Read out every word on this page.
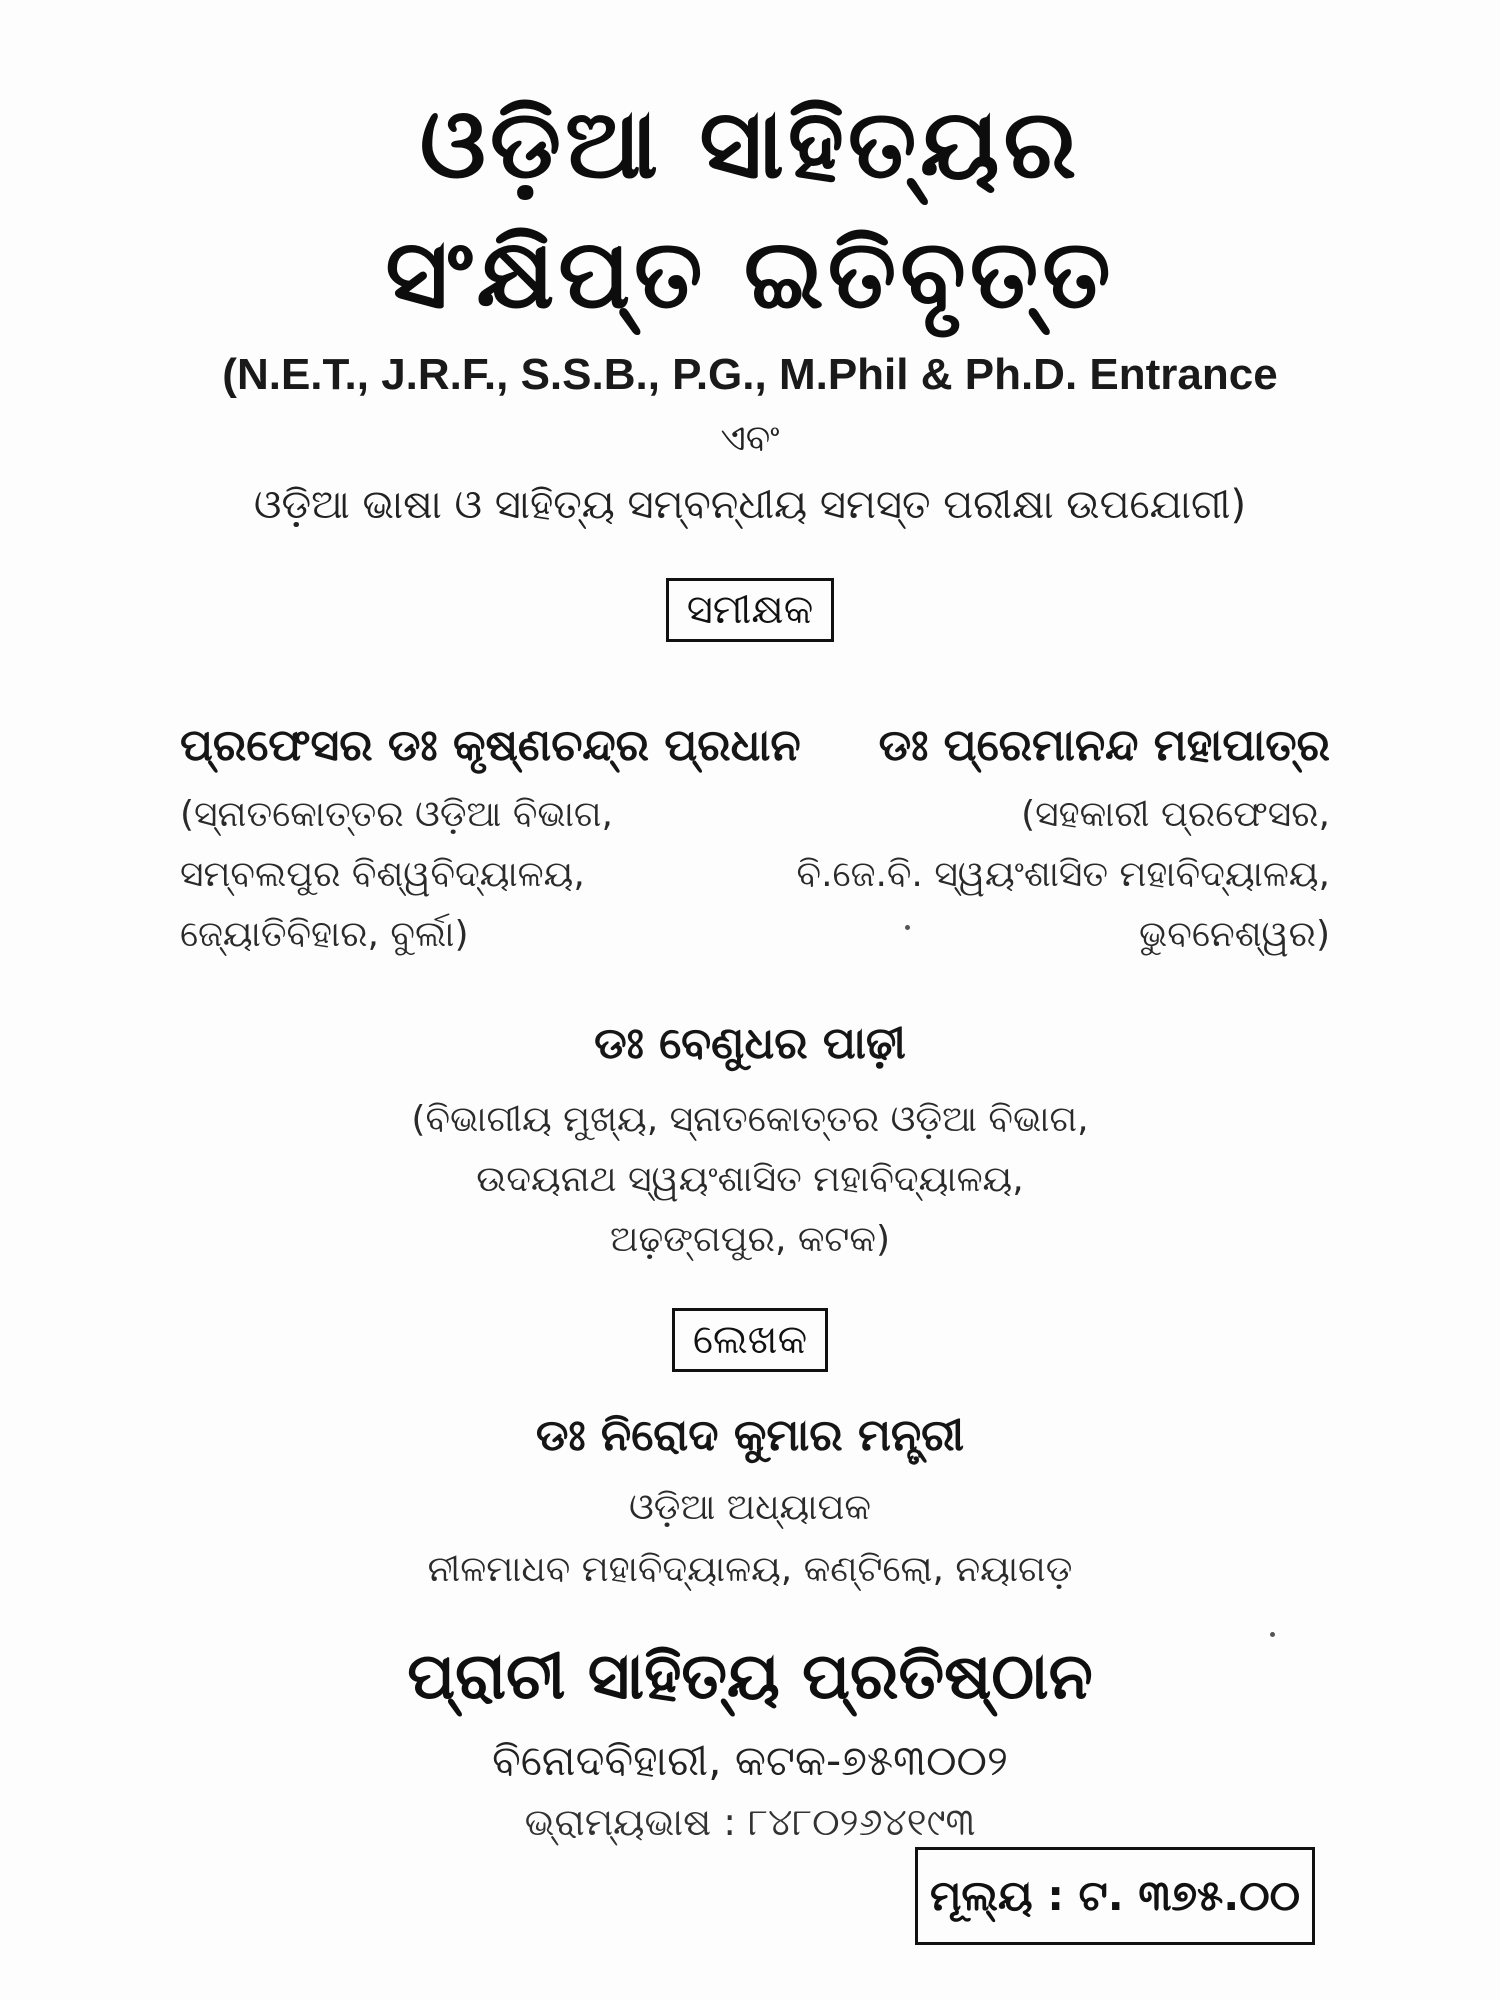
ଓଡ଼ିଆ ସାହିତ୍ୟର
ସଂକ୍ଷିପ୍ତ ଇତିବୃତ୍ତ
(N.E.T., J.R.F., S.S.B., P.G., M.Phil & Ph.D. Entrance
ଏବଂ
ଓଡ଼ିଆ ଭାଷା ଓ ସାହିତ୍ୟ ସମ୍ବନ୍ଧୀୟ ସମସ୍ତ ପରୀକ୍ଷା ଉପଯୋଗୀ)
ସମୀକ୍ଷକ
ପ୍ରଫେସର ଡଃ କୃଷ୍ଣଚନ୍ଦ୍ର ପ୍ରଧାନ
(ସ୍ନାତକୋତ୍ତର ଓଡ଼ିଆ ବିଭାଗ,
ସମ୍ବଲପୁର ବିଶ୍ୱବିଦ୍ୟାଳୟ,
ଜ୍ୟୋତିବିହାର, ବୁର୍ଲା)
ଡଃ ପ୍ରେମାନନ୍ଦ ମହାପାତ୍ର
(ସହକାରୀ ପ୍ରଫେସର,
ବି.ଜେ.ବି. ସ୍ୱୟଂଶାସିତ ମହାବିଦ୍ୟାଳୟ,
ଭୁବନେଶ୍ୱର)
ଡଃ ବେଣୁଧର ପାଢ଼ୀ
(ବିଭାଗୀୟ ମୁଖ୍ୟ, ସ୍ନାତକୋତ୍ତର ଓଡ଼ିଆ ବିଭାଗ,
ଉଦୟନାଥ ସ୍ୱୟଂଶାସିତ ମହାବିଦ୍ୟାଳୟ,
ଅଢ଼ଙ୍ଗପୁର, କଟକ)
ଲେଖକ
ଡଃ ନିରୋଦ କୁମାର ମନ୍ତ୍ରୀ
ଓଡ଼ିଆ ଅଧ୍ୟାପକ
ନୀଳମାଧବ ମହାବିଦ୍ୟାଳୟ, କଣ୍ଟିଲୋ, ନୟାଗଡ଼
ପ୍ରାଚୀ ସାହିତ୍ୟ ପ୍ରତିଷ୍ଠାନ
ବିନୋଦବିହାରୀ, କଟକ-୭୫୩୦୦୨
ଭ୍ରାମ୍ୟଭାଷ : ୮୪୮୦୨୬୪୧୯୩
ମୂଲ୍ୟ : ଟ. ୩୭୫.୦୦
